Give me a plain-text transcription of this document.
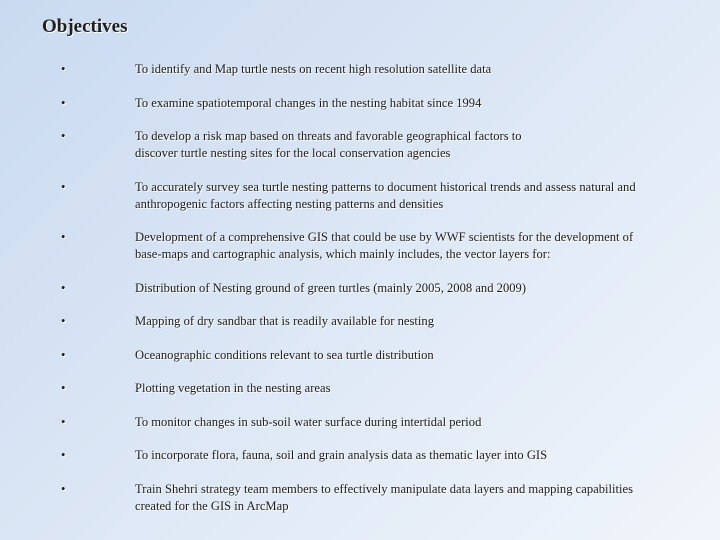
Objectives
•	To identify and Map turtle nests on recent high resolution satellite data
•	To examine spatiotemporal changes in the nesting habitat since 1994
•	To develop a risk map based on threats and favorable geographical factors to
discover turtle nesting sites for the local conservation agencies
•	To accurately survey sea turtle nesting patterns to document historical trends and assess natural and
anthropogenic factors affecting nesting patterns and densities
•	Development of a comprehensive GIS that could be use by WWF scientists for the development of
base-maps and cartographic analysis, which mainly includes, the vector layers for:
•	Distribution of Nesting ground of green turtles (mainly 2005, 2008 and 2009)
•	Mapping of dry sandbar that is readily available for nesting
•	Oceanographic conditions relevant to sea turtle distribution
•	Plotting vegetation in the nesting areas
•	To monitor changes in sub-soil water surface during intertidal period
•	To incorporate flora, fauna, soil and grain analysis data as thematic layer into GIS
•	Train Shehri strategy team members to effectively manipulate data layers and mapping capabilities
created for the GIS in ArcMap
